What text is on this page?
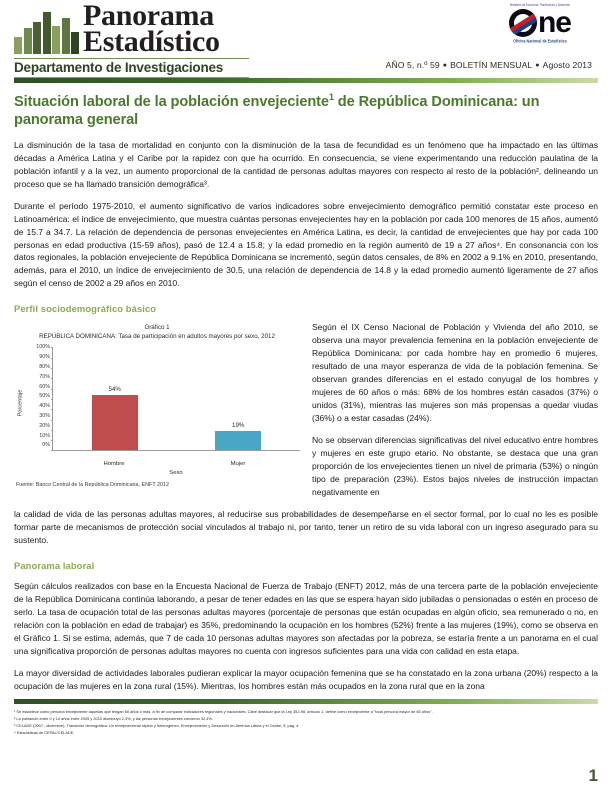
Panorama
Estadístico
Departamento de Investigaciones
Ministerio de Economía, Planificación y Desarrollo
ne
Oficina Nacional de Estadística
AÑO 5, n.º 59 ● BOLETÍN MENSUAL ● Agosto 2013
Situación laboral de la población envejeciente$^1$ de República Dominicana: un panorama general

La disminución de la tasa de mortalidad en conjunto con la disminución de la tasa de fecundidad es un fenómeno que ha impactado en las últimas décadas a América Latina y el Caribe por la rapidez con que ha ocurrido. En consecuencia, se viene experimentando una reducción paulatina de la población infantil y a la vez, un aumento proporcional de la cantidad de personas adultas mayores con respecto al resto de la población², delineando un proceso que se ha llamado transición demográfica³.

Durante el período 1975-2010, el aumento significativo de varios indicadores sobre envejecimiento demográfico permitió constatar este proceso en Latinoamérica: el índice de envejecimiento, que muestra cuántas personas envejecientes hay en la población por cada 100 menores de 15 años, aumentó de 15.7 a 34.7. La relación de dependencia de personas envejecientes en América Latina, es decir, la cantidad de envejecientes que hay por cada 100 personas en edad productiva (15-59 años), pasó de 12.4 a 15.8; y la edad promedio en la región aumentó de 19 a 27 años⁴. En consonancia con los datos regionales, la población envejeciente de República Dominicana se incrementó, según datos censales, de 8% en 2002 a 9.1% en 2010, presentando, además, para el 2010, un índice de envejecimiento de 30.5, una relación de dependencia de 14.8 y la edad promedio aumentó ligeramente de 27 años según el censo de 2002 a 29 años en 2010.

Perfil sociodemográfico básico
Gráfico 1
REPÚBLICA DOMINICANA: Tasa de participación en adultos mayores por sexo, 2012
Porcentaje
100%
90%
80%
70%
60%
50%
40%
30%
20%
10%
0%
54%
19%
Hombre	Mujer
Sexo
Fuente: Banco Central de la República Dominicana, ENFT 2012

Según el IX Censo Nacional de Población y Vivienda del año 2010, se observa una mayor prevalencia femenina en la población envejeciente de República Dominicana: por cada hombre hay en promedio 6 mujeres, resultado de una mayor esperanza de vida de la población femenina. Se observan grandes diferencias en el estado conyugal de los hombres y mujeres de 60 años o más: 68% de los hombres están casados (37%) o unidos (31%), mientras las mujeres son más propensas a quedar viudas (36%) o a estar casadas (24%).

No se observan diferencias significativas del nivel educativo entre hombres y mujeres en este grupo etario. No obstante, se destaca que una gran proporción de los envejecientes tienen un nivel de primaria (53%) o ningún tipo de preparación (23%). Estos bajos niveles de instrucción impactan negativamente en

la calidad de vida de las personas adultas mayores, al reducirse sus probabilidades de desempeñarse en el sector formal, por lo cual no les es posible formar parte de mecanismos de protección social vinculados al trabajo ni, por tanto, tener un retiro de su vida laboral con un ingreso asegurado para su sustento.

Panorama laboral

Según cálculos realizados con base en la Encuesta Nacional de Fuerza de Trabajo (ENFT) 2012, más de una tercera parte de la población envejeciente de la República Dominicana continúa laborando, a pesar de tener edades en las que se espera hayan sido jubiladas o pensionadas o estén en proceso de serlo. La tasa de ocupación total de las personas adultas mayores (porcentaje de personas que están ocupadas en algún oficio, sea remunerado o no, en relación con la población en edad de trabajar) es 35%, predominando la ocupación en los hombres (52%) frente a las mujeres (19%), como se observa en el Gráfico 1. Si se estima, además, que 7 de cada 10 personas adultas mayores son afectadas por la pobreza, se estaría frente a un panorama en el cual una significativa proporción de personas adultas mayores no cuenta con ingresos suficientes para una vida con calidad en esta etapa.

La mayor diversidad de actividades laborales pudieran explicar la mayor ocupación femenina que se ha constatado en la zona urbana (20%) respecto a la ocupación de las mujeres en la zona rural (15%). Mientras, los hombres están más ocupados en la zona rural que en la zona

¹ Se establece como persona envejeciente aquellas que tengan 60 años o más, a fin de comparar indicadores regionales y nacionales. Cabe destacar que la Ley 352-98, artículo 1, define como envejeciente a "toda persona mayor de 65 años".
² La población entre 0 y 14 años entre 2005 y 2010 disminuyó 2.3%, y las personas envejecientes crecieron 32.4%.
³ CELADE (2007., diciembre). Transición demográfica: Un envejecimiento rápido y heterogéneo. Envejecimiento y Desarrollo en América Latina y el Caribe, 5, pág. 4.
⁴ Estadísticas de CEPAL/CELADE.
1
